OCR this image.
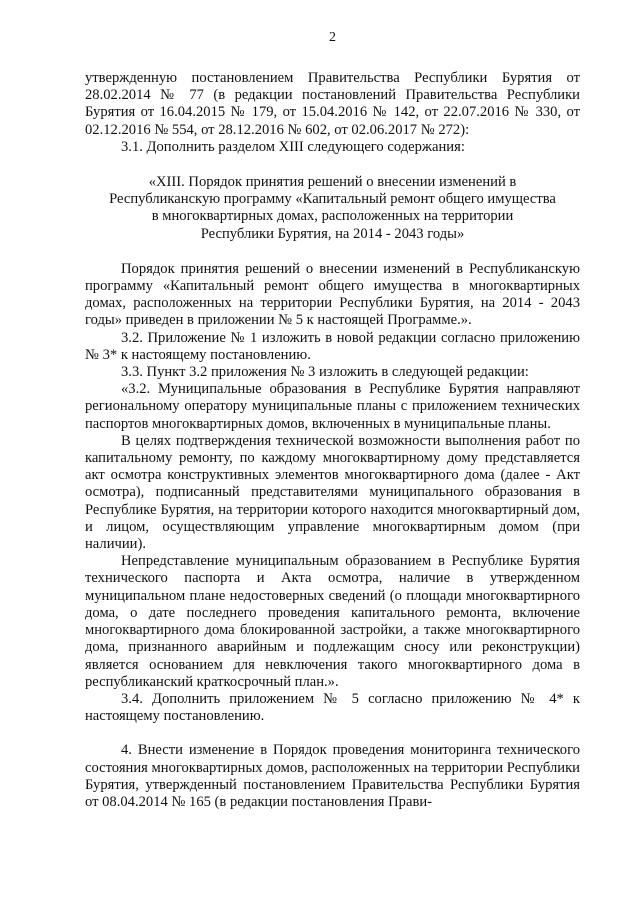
2

утвержденную постановлением Правительства Республики Бурятия от 28.02.2014 № 77 (в редакции постановлений Правительства Республики Бурятия от 16.04.2015 № 179, от 15.04.2016 № 142, от 22.07.2016 № 330, от 02.12.2016 № 554, от 28.12.2016 № 602, от 02.06.2017 № 272):

3.1. Дополнить разделом XIII следующего содержания:

«XIII. Порядок принятия решений о внесении изменений в
Республиканскую программу «Капитальный ремонт общего имущества
в многоквартирных домах, расположенных на территории
Республики Бурятия, на 2014 - 2043 годы»

Порядок принятия решений о внесении изменений в Республиканскую программу «Капитальный ремонт общего имущества в многоквартирных домах, расположенных на территории Республики Бурятия, на 2014 - 2043 годы» приведен в приложении № 5 к настоящей Программе.».

3.2. Приложение № 1 изложить в новой редакции согласно приложению № 3* к настоящему постановлению.

3.3. Пункт 3.2 приложения № 3 изложить в следующей редакции:

«3.2. Муниципальные образования в Республике Бурятия направляют региональному оператору муниципальные планы с приложением технических паспортов многоквартирных домов, включенных в муниципальные планы.

В целях подтверждения технической возможности выполнения работ по капитальному ремонту, по каждому многоквартирному дому представляется акт осмотра конструктивных элементов многоквартирного дома (далее - Акт осмотра), подписанный представителями муниципального образования в Республике Бурятия, на территории которого находится многоквартирный дом, и лицом, осуществляющим управление многоквартирным домом (при наличии).

Непредставление муниципальным образованием в Республике Бурятия технического паспорта и Акта осмотра, наличие в утвержденном муниципальном плане недостоверных сведений (о площади многоквартирного дома, о дате последнего проведения капитального ремонта, включение многоквартирного дома блокированной застройки, а также многоквартирного дома, признанного аварийным и подлежащим сносу или реконструкции) является основанием для невключения такого многоквартирного дома в республиканский краткосрочный план.».

3.4. Дополнить приложением № 5 согласно приложению № 4* к настоящему постановлению.

4. Внести изменение в Порядок проведения мониторинга технического состояния многоквартирных домов, расположенных на территории Республики Бурятия, утвержденный постановлением Правительства Республики Бурятия от 08.04.2014 № 165 (в редакции постановления Прави-
